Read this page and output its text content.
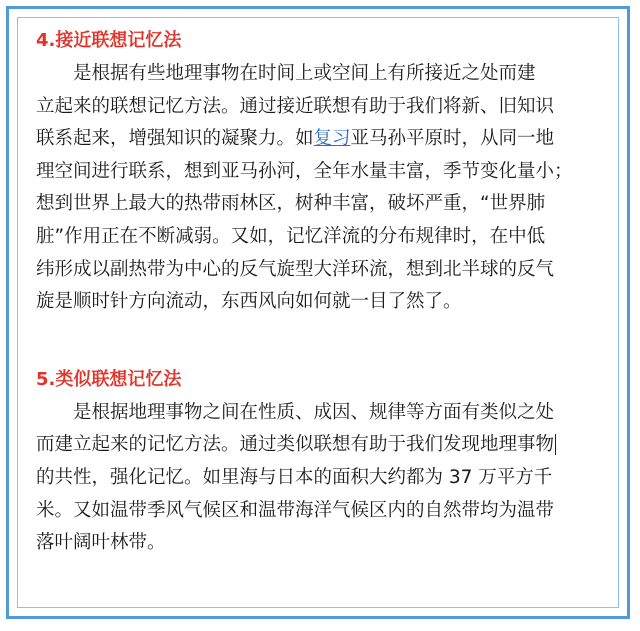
4.接近联想记忆法
是根据有些地理事物在时间上或空间上有所接近之处而建
立起来的联想记忆方法。通过接近联想有助于我们将新、旧知识
联系起来，增强知识的凝聚力。如复习亚马孙平原时，从同一地
理空间进行联系，想到亚马孙河，全年水量丰富，季节变化量小；
想到世界上最大的热带雨林区，树种丰富，破坏严重，“世界肺
脏”作用正在不断减弱。又如，记忆洋流的分布规律时，在中低
纬形成以副热带为中心的反气旋型大洋环流，想到北半球的反气
旋是顺时针方向流动，东西风向如何就一目了然了。
5.类似联想记忆法
是根据地理事物之间在性质、成因、规律等方面有类似之处
而建立起来的记忆方法。通过类似联想有助于我们发现地理事物
的共性，强化记忆。如里海与日本的面积大约都为 37 万平方千
米。又如温带季风气候区和温带海洋气候区内的自然带均为温带
落叶阔叶林带。
